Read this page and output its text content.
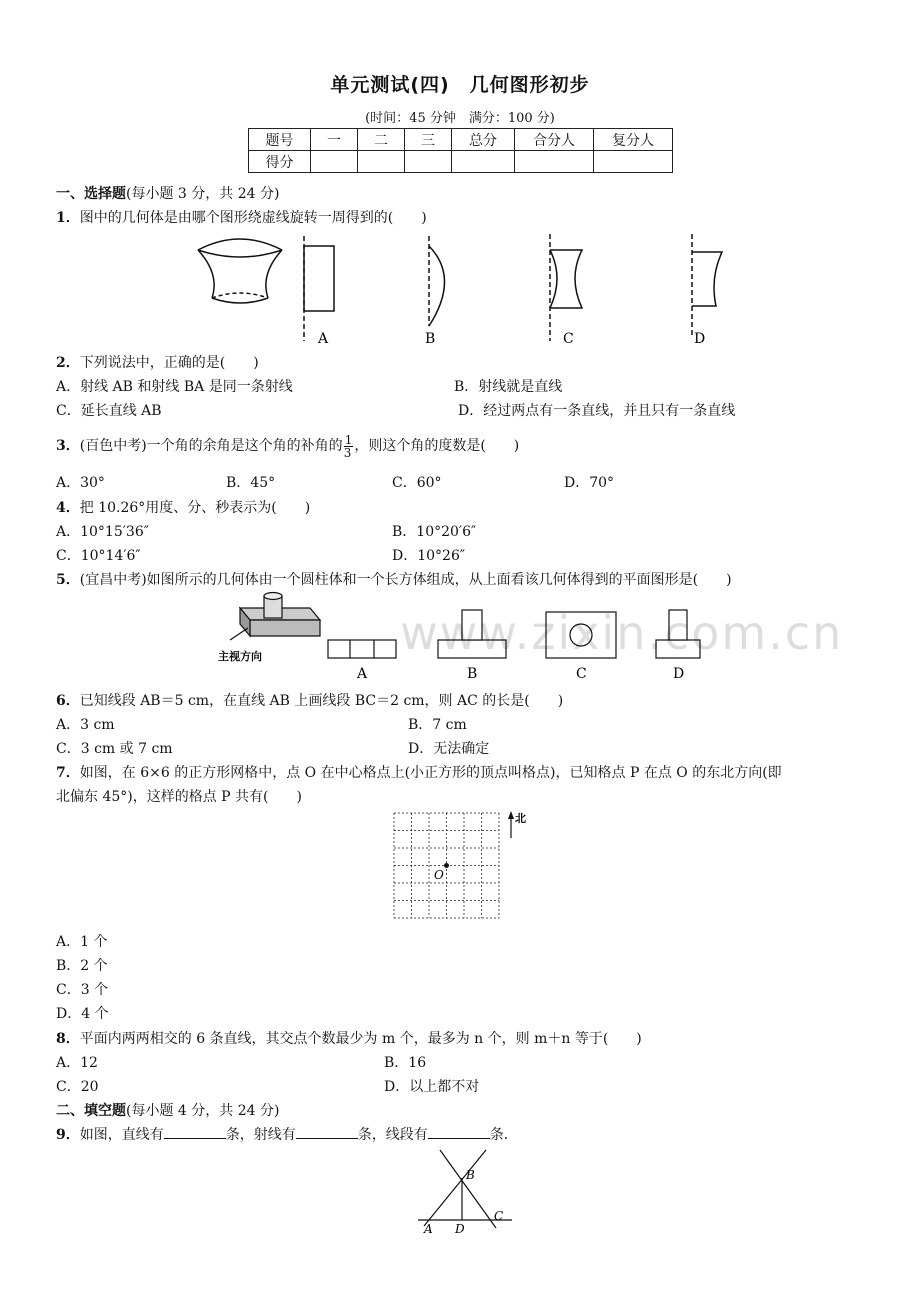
单元测试(四)　几何图形初步
(时间：45 分钟　满分：100 分)
题号	一	二	三	总分	合分人	复分人
得分						
一、选择题(每小题 3 分，共 24 分)
1．图中的几何体是由哪个图形绕虚线旋转一周得到的(　　)
A	B	C	D
2．下列说法中，正确的是(　　)
A．射线 AB 和射线 BA 是同一条射线	B．射线就是直线
C．延长直线 AB	D．经过两点有一条直线，并且只有一条直线
3．(百色中考)一个角的余角是这个角的补角的 $\frac{1}{3}$ ，则这个角的度数是(　　)
A．30°	B．45°	C．60°	D．70°
4．把 10.26°用度、分、秒表示为(　　)
A．10°15′36″	B．10°20′6″
C．10°14′6″	D．10°26″
5．(宜昌中考)如图所示的几何体由一个圆柱体和一个长方体组成，从上面看该几何体得到的平面图形是(　　)
主视方向
A	B	C	D
6．已知线段 AB＝5 cm，在直线 AB 上画线段 BC＝2 cm，则 AC 的长是(　　)
A．3 cm	B．7 cm
C．3 cm 或 7 cm	D．无法确定
7．如图，在 6×6 的正方形网格中，点 O 在中心格点上(小正方形的顶点叫格点)，已知格点 P 在点 O 的东北方向(即
北偏东 45°)，这样的格点 P 共有(　　)
O
北
A．1 个
B．2 个
C．3 个
D．4 个
8．平面内两两相交的 6 条直线，其交点个数最少为 m 个，最多为 n 个，则 m＋n 等于(　　)
A．12	B．16
C．20	D．以上都不对
二、填空题(每小题 4 分，共 24 分)
9．如图，直线有	条，射线有	条，线段有	条．
B
A D
C
www.zixin.com.cn
